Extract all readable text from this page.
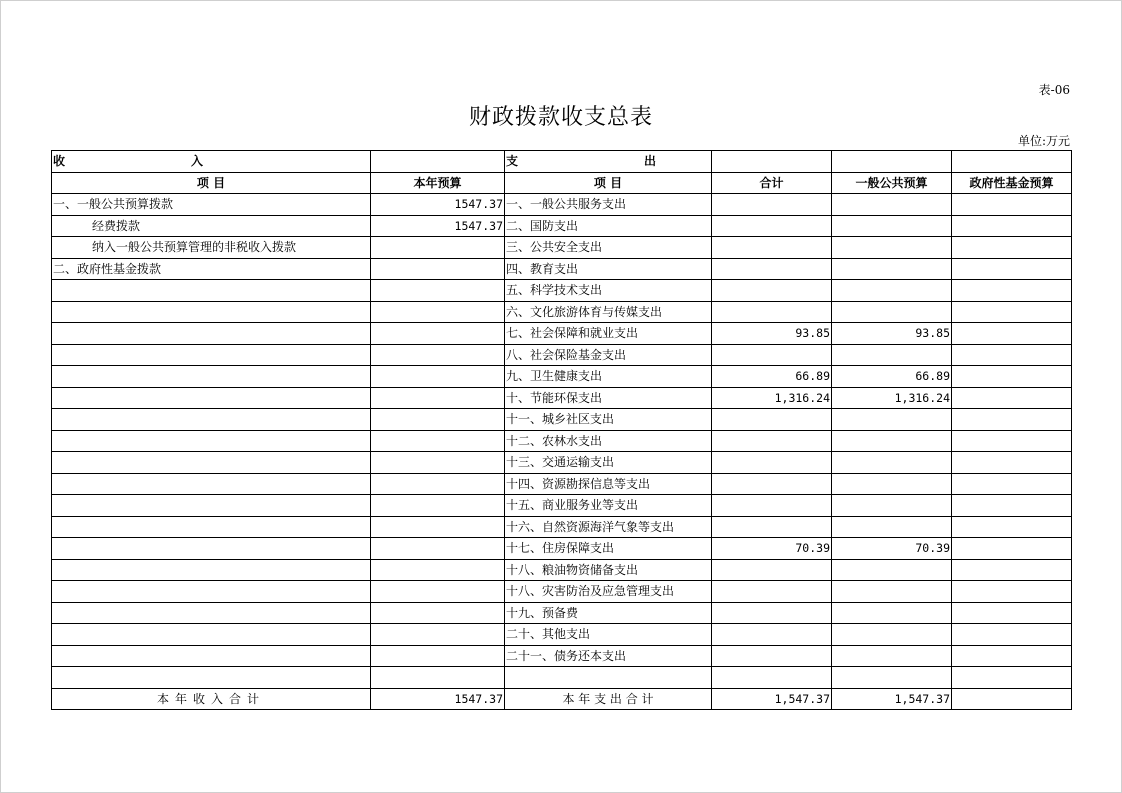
表-06
财政拨款收支总表
单位:万元
收 入		支 出			

项 目	本年预算	项 目	合计	一般公共预算	政府性基金预算
一、一般公共预算拨款	1547.37	一、一般公共服务支出			
经费拨款	1547.37	二、国防支出			
纳入一般公共预算管理的非税收入拨款		三、公共安全支出			
二、政府性基金拨款		四、教育支出			
		五、科学技术支出			
		六、文化旅游体育与传媒支出			
		七、社会保障和就业支出	93.85	93.85	
		八、社会保险基金支出			
		九、卫生健康支出	66.89	66.89	
		十、节能环保支出	1,316.24	1,316.24	
		十一、城乡社区支出			
		十二、农林水支出			
		十三、交通运输支出			
		十四、资源勘探信息等支出			
		十五、商业服务业等支出			
		十六、自然资源海洋气象等支出			
		十七、住房保障支出	70.39	70.39	
		十八、粮油物资储备支出			
		十八、灾害防治及应急管理支出			
		十九、预备费			
		二十、其他支出			
		二十一、债务还本支出			

本年收入合计	1547.37	本 年 支 出 合 计	1,547.37	1,547.37	
